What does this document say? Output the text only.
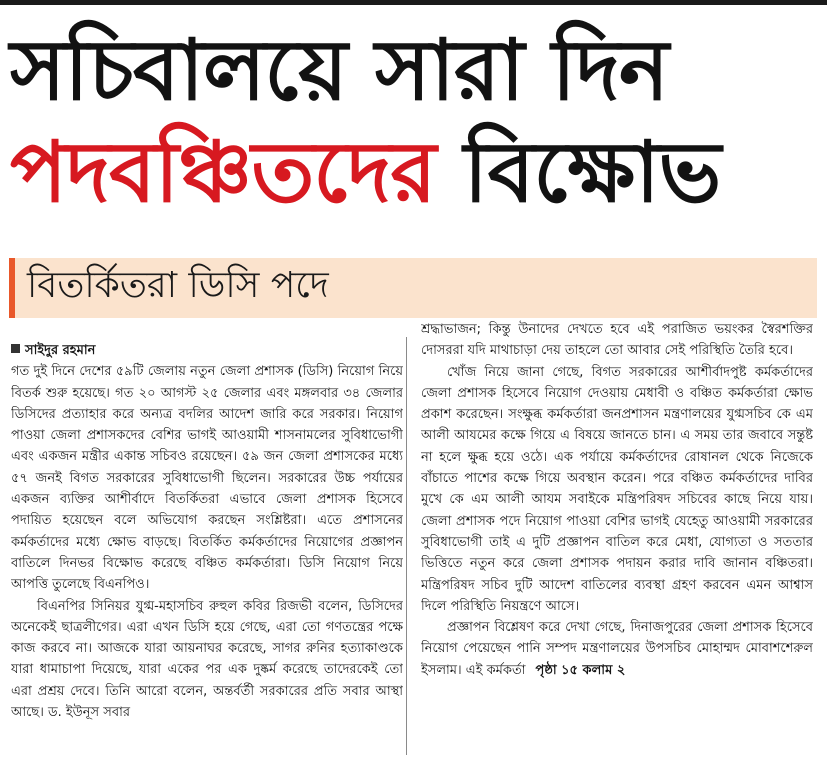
সচিবালয়ে সারা দিন
পদবঞ্চিতদের বিক্ষোভ
বিতর্কিতরা ডিসি পদে

সাইদুর রহমান

গত দুই দিনে দেশের ৫৯টি জেলায় নতুন জেলা প্রশাসক (ডিসি) নিয়োগ নিয়ে বিতর্ক শুরু হয়েছে। গত ২০ আগস্ট ২৫ জেলার এবং মঙ্গলবার ৩৪ জেলার ডিসিদের প্রত্যাহার করে অন্যত্র বদলির আদেশ জারি করে সরকার। নিয়োগ পাওয়া জেলা প্রশাসকদের বেশির ভাগই আওয়ামী শাসনামলের সুবিধাভোগী এবং একজন মন্ত্রীর একান্ত সচিবও রয়েছেন। ৫৯ জন জেলা প্রশাসকের মধ্যে ৫৭ জনই বিগত সরকারের সুবিধাভোগী ছিলেন। সরকারের উচ্চ পর্যায়ের একজন ব্যক্তির আশীর্বাদে বিতর্কিতরা এভাবে জেলা প্রশাসক হিসেবে পদায়িত হয়েছেন বলে অভিযোগ করছেন সংশ্লিষ্টরা। এতে প্রশাসনের কর্মকর্তাদের মধ্যে ক্ষোভ বাড়ছে। বিতর্কিত কর্মকর্তাদের নিয়োগের প্রজ্ঞাপন বাতিলে দিনভর বিক্ষোভ করেছে বঞ্চিত কর্মকর্তারা। ডিসি নিয়োগ নিয়ে আপত্তি তুলেছে বিএনপিও।

বিএনপির সিনিয়র যুগ্ম-মহাসচিব রুহুল কবির রিজভী বলেন, ডিসিদের অনেকেই ছাত্রলীগের। এরা এখন ডিসি হয়ে গেছে, এরা তো গণতন্ত্রের পক্ষে কাজ করবে না। আজকে যারা আয়নাঘর করেছে, সাগর রুনির হত্যাকাণ্ডকে যারা ধামাচাপা দিয়েছে, যারা একের পর এক দুষ্কর্ম করেছে তাদেরকেই তো এরা প্রশ্রয় দেবে। তিনি আরো বলেন, অন্তর্বর্তী সরকারের প্রতি সবার আস্থা আছে। ড. ইউনূস সবার

শ্রদ্ধাভাজন; কিন্তু উনাদের দেখতে হবে এই পরাজিত ভয়ংকর স্বৈরশক্তির দোসররা যদি মাথাচাড়া দেয় তাহলে তো আবার সেই পরিস্থিতি তৈরি হবে।

খোঁজ নিয়ে জানা গেছে, বিগত সরকারের আশীর্বাদপুষ্ট কর্মকর্তাদের জেলা প্রশাসক হিসেবে নিয়োগ দেওয়ায় মেধাবী ও বঞ্চিত কর্মকর্তারা ক্ষোভ প্রকাশ করেছেন। সংক্ষুব্ধ কর্মকর্তারা জনপ্রশাসন মন্ত্রণালয়ের যুগ্মসচিব কে এম আলী আযমের কক্ষে গিয়ে এ বিষয়ে জানতে চান। এ সময় তার জবাবে সন্তুষ্ট না হলে ক্ষুব্ধ হয়ে ওঠে। এক পর্যায়ে কর্মকর্তাদের রোষানল থেকে নিজেকে বাঁচাতে পাশের কক্ষে গিয়ে অবস্থান করেন। পরে বঞ্চিত কর্মকর্তাদের দাবির মুখে কে এম আলী আযম সবাইকে মন্ত্রিপরিষদ সচিবের কাছে নিয়ে যায়। জেলা প্রশাসক পদে নিয়োগ পাওয়া বেশির ভাগই যেহেতু আওয়ামী সরকারের সুবিধাভোগী তাই এ দুটি প্রজ্ঞাপন বাতিল করে মেধা, যোগ্যতা ও সততার ভিত্তিতে নতুন করে জেলা প্রশাসক পদায়ন করার দাবি জানান বঞ্চিতরা। মন্ত্রিপরিষদ সচিব দুটি আদেশ বাতিলের ব্যবস্থা গ্রহণ করবেন এমন আশ্বাস দিলে পরিস্থিতি নিয়ন্ত্রণে আসে।

প্রজ্ঞাপন বিশ্লেষণ করে দেখা গেছে, দিনাজপুরের জেলা প্রশাসক হিসেবে নিয়োগ পেয়েছেন পানি সম্পদ মন্ত্রণালয়ের উপসচিব মোহাম্মদ মোবাশশেরুল ইসলাম। এই কর্মকর্তা পৃষ্ঠা ১৫ কলাম ২
